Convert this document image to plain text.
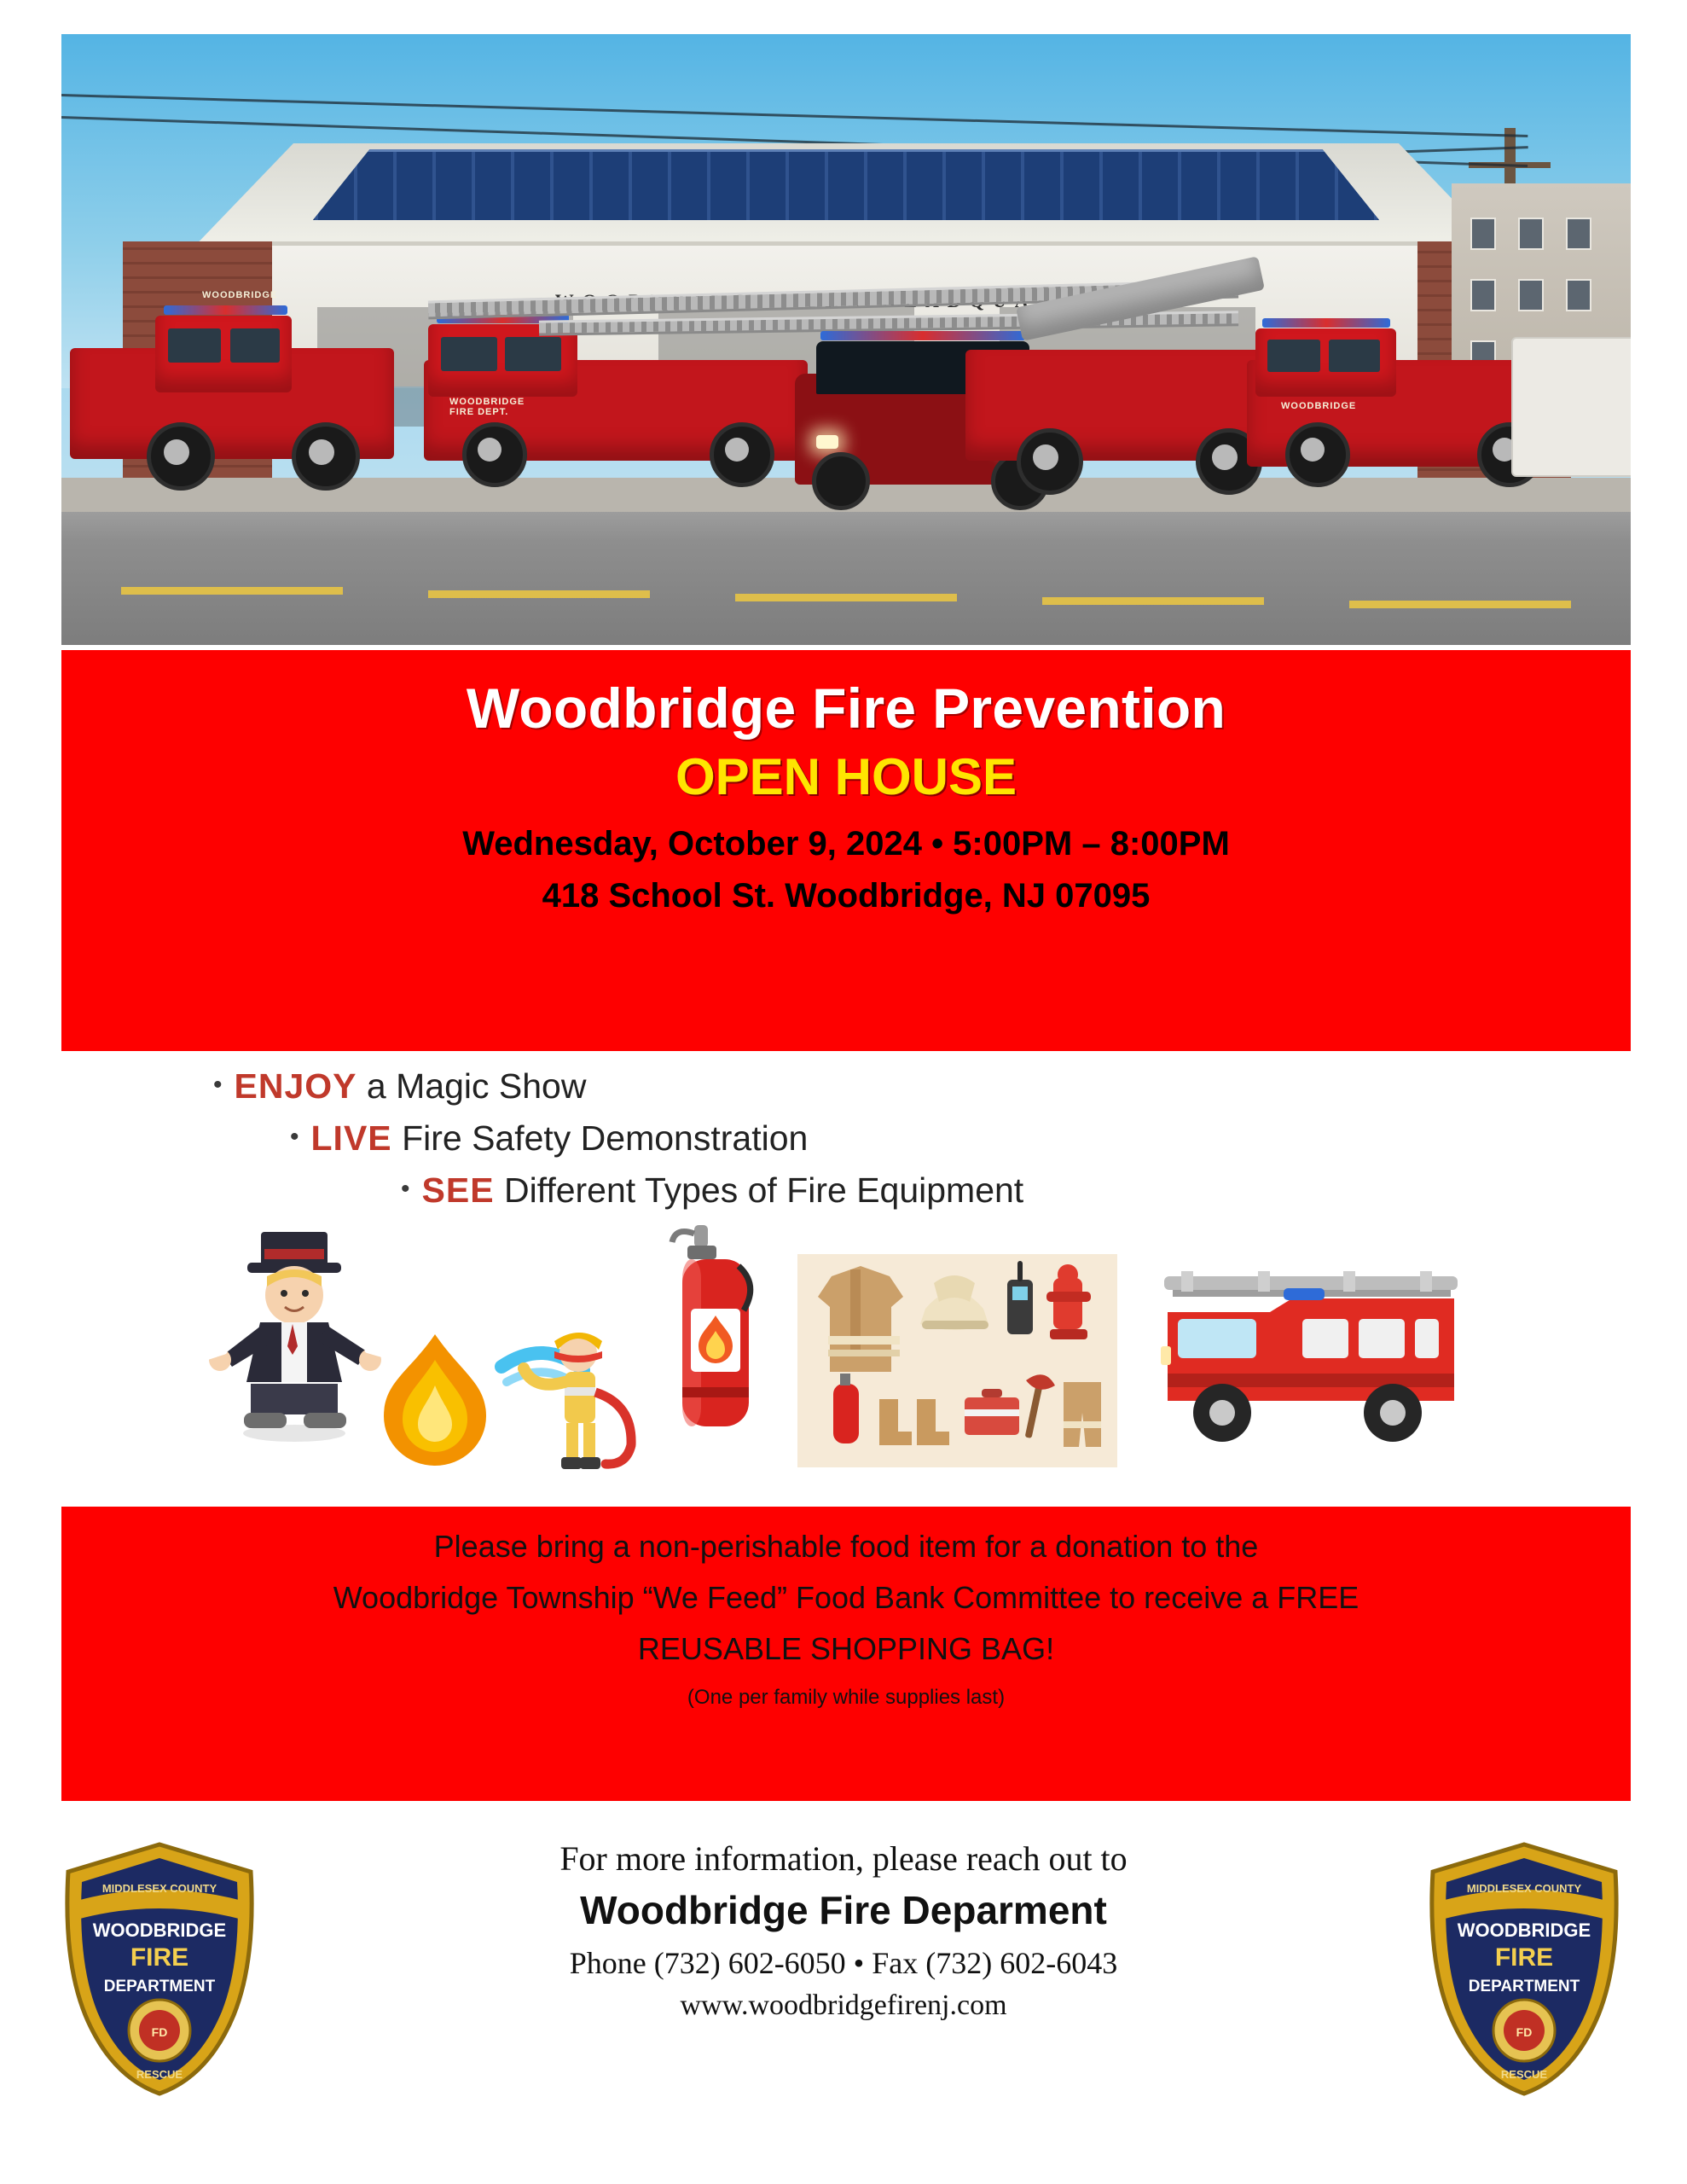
WOODBRIDGE
WOODBRIDGE
FIRE DEPT.
WOODBRIDGE
Woodbridge Fire Prevention
OPEN HOUSE
Wednesday, October 9, 2024 • 5:00PM – 8:00PM
418 School St. Woodbridge, NJ 07095
• ENJOY a Magic Show
• LIVE Fire Safety Demonstration
• SEE Different Types of Fire Equipment
Please bring a non-perishable food item for a donation to the
Woodbridge Township “We Feed” Food Bank Committee to receive a FREE
REUSABLE SHOPPING BAG!
(One per family while supplies last)
MIDDLESEX COUNTY
WOODBRIDGE
FIRE
DEPARTMENT
FD
RESCUE
MIDDLESEX COUNTY
WOODBRIDGE
FIRE
DEPARTMENT
FD
RESCUE
For more information, please reach out to
Woodbridge Fire Deparment
Phone (732) 602-6050 • Fax (732) 602-6043
www.woodbridgefirenj.com
